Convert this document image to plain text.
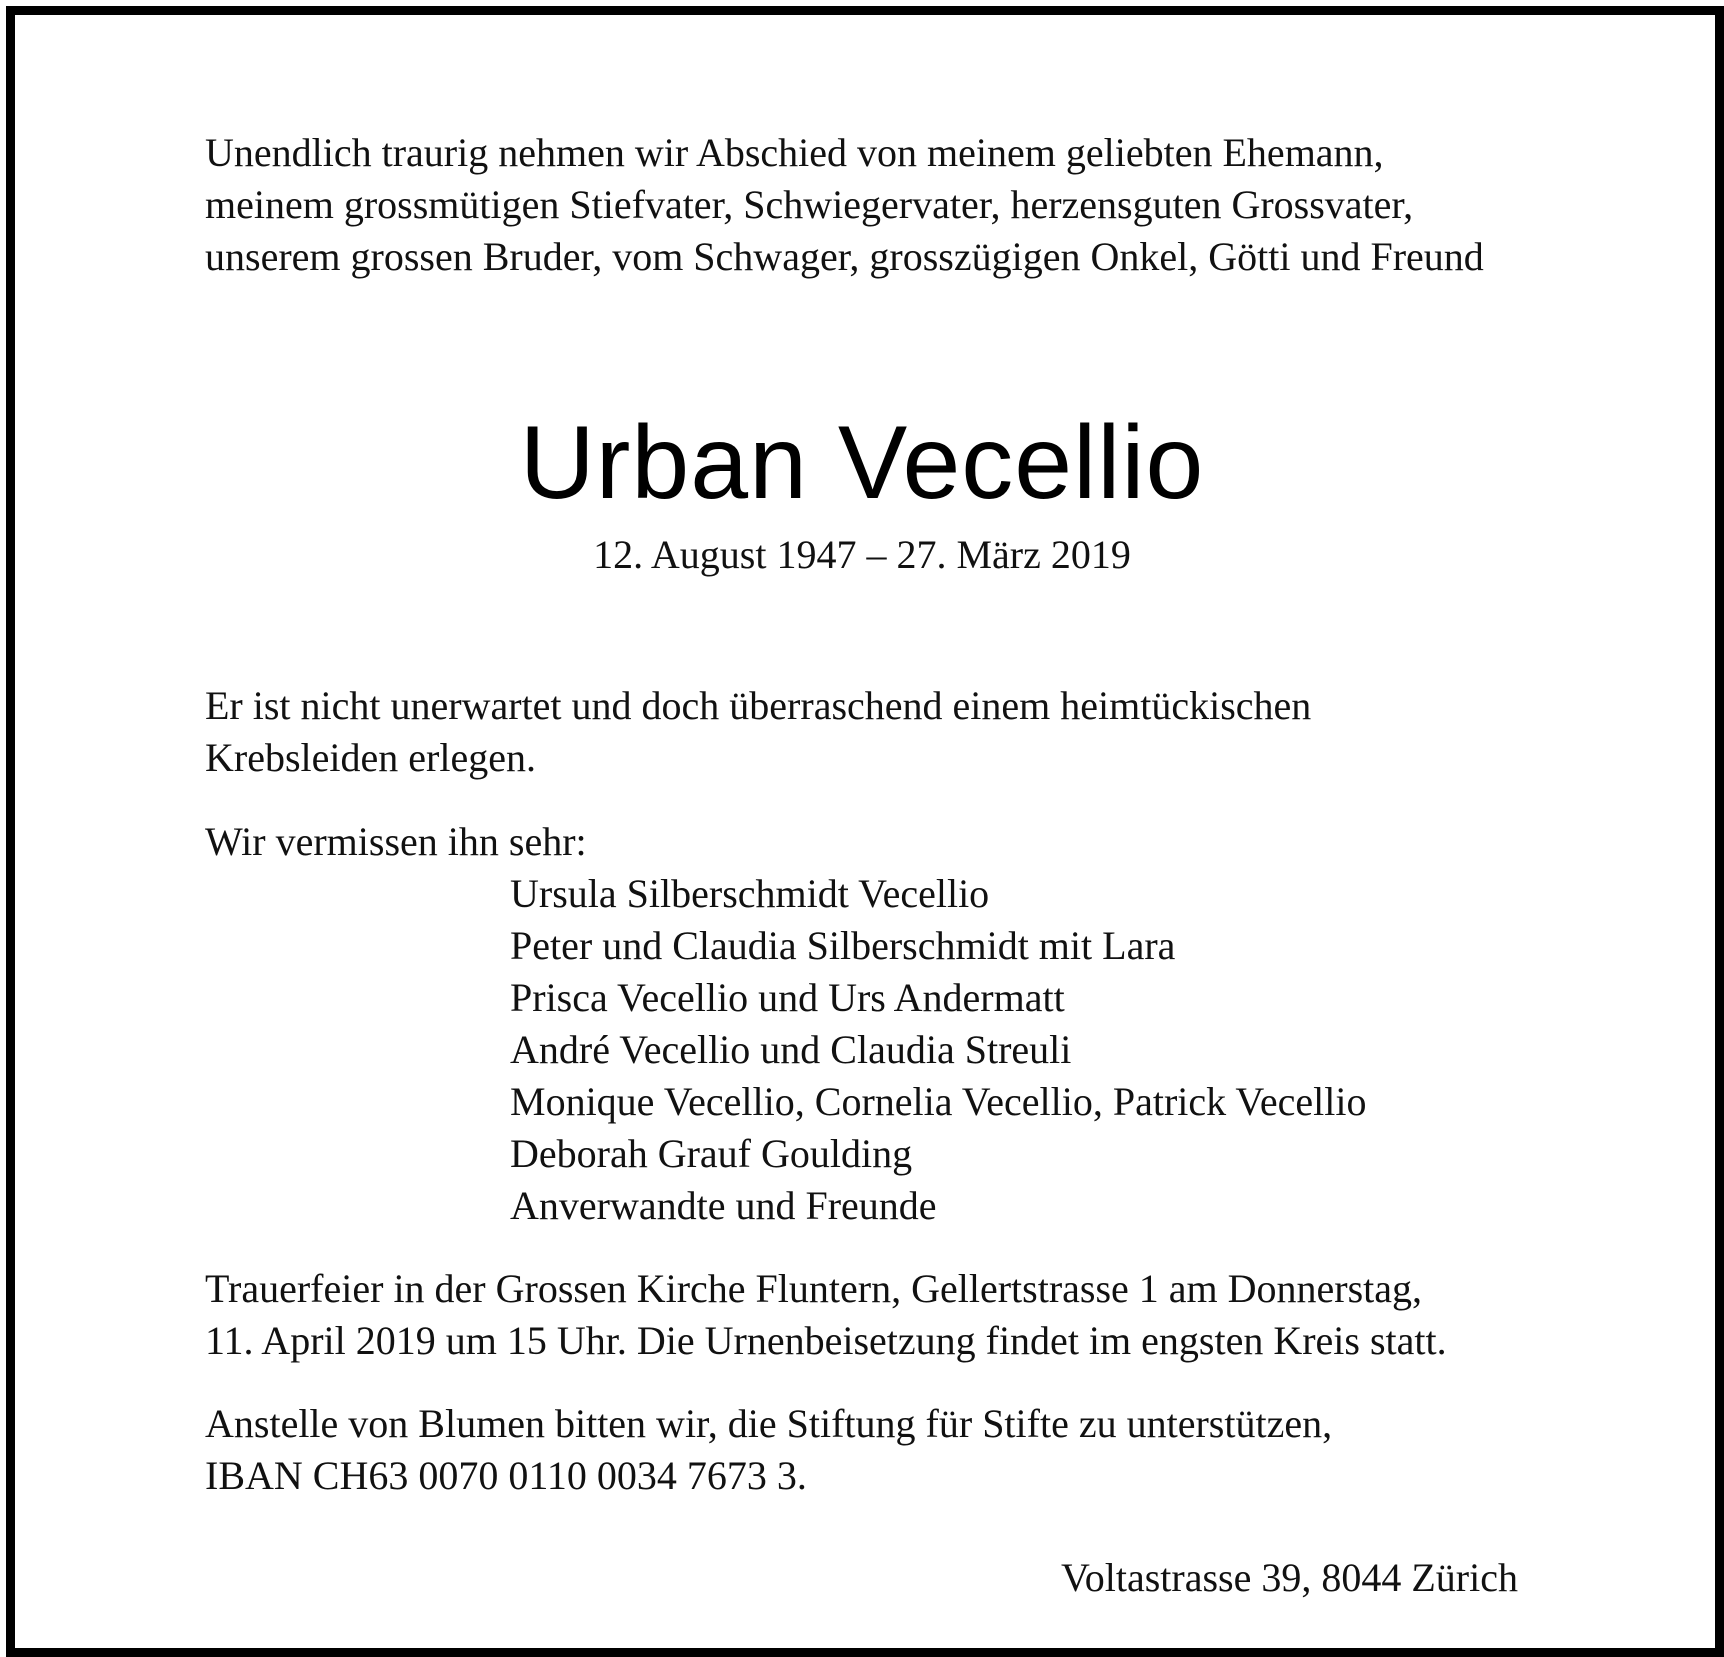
Unendlich traurig nehmen wir Abschied von meinem geliebten Ehemann,
meinem grossmütigen Stiefvater, Schwiegervater, herzensguten Grossvater,
unserem grossen Bruder, vom Schwager, grosszügigen Onkel, Götti und Freund
Urban Vecellio
12. August 1947 – 27. März 2019
Er ist nicht unerwartet und doch überraschend einem heimtückischen
Krebsleiden erlegen.
Wir vermissen ihn sehr:
Ursula Silberschmidt Vecellio
Peter und Claudia Silberschmidt mit Lara
Prisca Vecellio und Urs Andermatt
André Vecellio und Claudia Streuli
Monique Vecellio, Cornelia Vecellio, Patrick Vecellio
Deborah Grauf Goulding
Anverwandte und Freunde
Trauerfeier in der Grossen Kirche Fluntern, Gellertstrasse 1 am Donnerstag,
11. April 2019 um 15 Uhr. Die Urnenbeisetzung findet im engsten Kreis statt.
Anstelle von Blumen bitten wir, die Stiftung für Stifte zu unterstützen,
IBAN CH63 0070 0110 0034 7673 3.
Voltastrasse 39, 8044 Zürich
